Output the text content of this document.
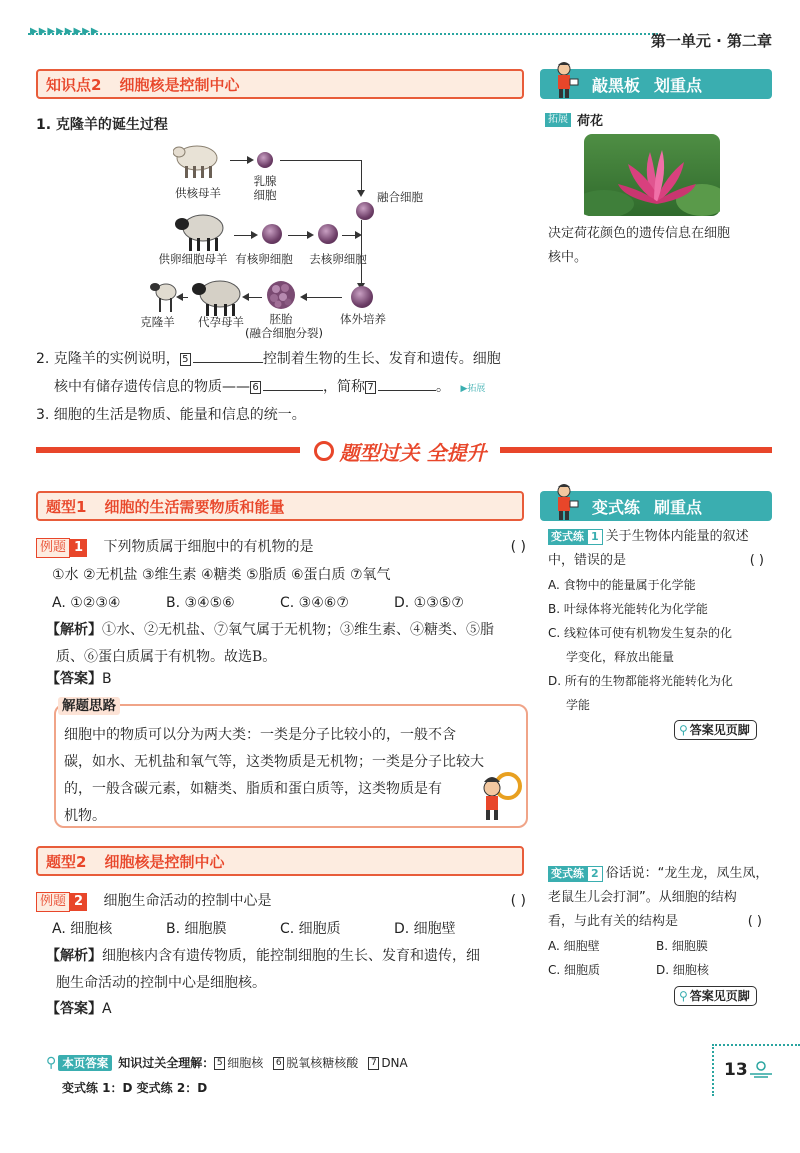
▶▶▶▶▶▶▶▶
第一单元 · 第二章
知识点2 细胞核是控制中心
1. 克隆羊的诞生过程
供核母羊
乳腺
细胞	融合细胞
供卵细胞母羊 有核卵细胞	去核卵细胞
克隆羊	代孕母羊	胚胎
(融合细胞分裂)
体外培养
2. 克隆羊的实例说明， 5	控制着生物的生长、发育和遗传。细胞
核中有储存遗传信息的物质—— 6	，简称 7	。 ▶拓展
3. 细胞的生活是物质、能量和信息的统一。
敲黑板 划重点
拓展 荷花
决定荷花颜色的遗传信息在细胞
核中。
题型过关 全提升
题型1 细胞的生活需要物质和能量
例题 1 下列物质属于细胞中的有机物的是	( )
①水 ②无机盐 ③维生素 ④糖类 ⑤脂质 ⑥蛋白质 ⑦氧气
A. ①②③④	B. ③④⑤⑥	C. ③④⑥⑦	D. ①③⑤⑦
【解析】①水、②无机盐、⑦氧气属于无机物；③维生素、④糖类、⑤脂
质、⑥蛋白质属于有机物。故选B。
【答案】B
解题思路
细胞中的物质可以分为两大类：一类是分子比较小的，一般不含
碳，如水、无机盐和氧气等，这类物质是无机物；一类是分子比较大
的，一般含碳元素，如糖类、脂质和蛋白质等，这类物质是有
机物。
变式练 刷重点
变式练 1 关于生物体内能量的叙述
中，错误的是	( )
A. 食物中的能量属于化学能
B. 叶绿体将光能转化为化学能
C. 线粒体可使有机物发生复杂的化
学变化，释放出能量
D. 所有的生物都能将光能转化为化
学能
⚲ 答案见页脚
题型2 细胞核是控制中心
例题 2 细胞生命活动的控制中心是	( )
A. 细胞核	B. 细胞膜	C. 细胞质	D. 细胞壁
【解析】细胞核内含有遗传物质，能控制细胞的生长、发育和遗传，细
胞生命活动的控制中心是细胞核。
【答案】A
变式练 2 俗话说：“龙生龙，凤生凤，
老鼠生儿会打洞”。从细胞的结构
看，与此有关的结构是	( )
A. 细胞壁	B. 细胞膜
C. 细胞质	D. 细胞核
⚲ 答案见页脚
⚲ 本页答案 知识过关全理解： 5 细胞核 6 脱氧核糖核酸 7 DNA
变式练 1：D 变式练 2：D
13
